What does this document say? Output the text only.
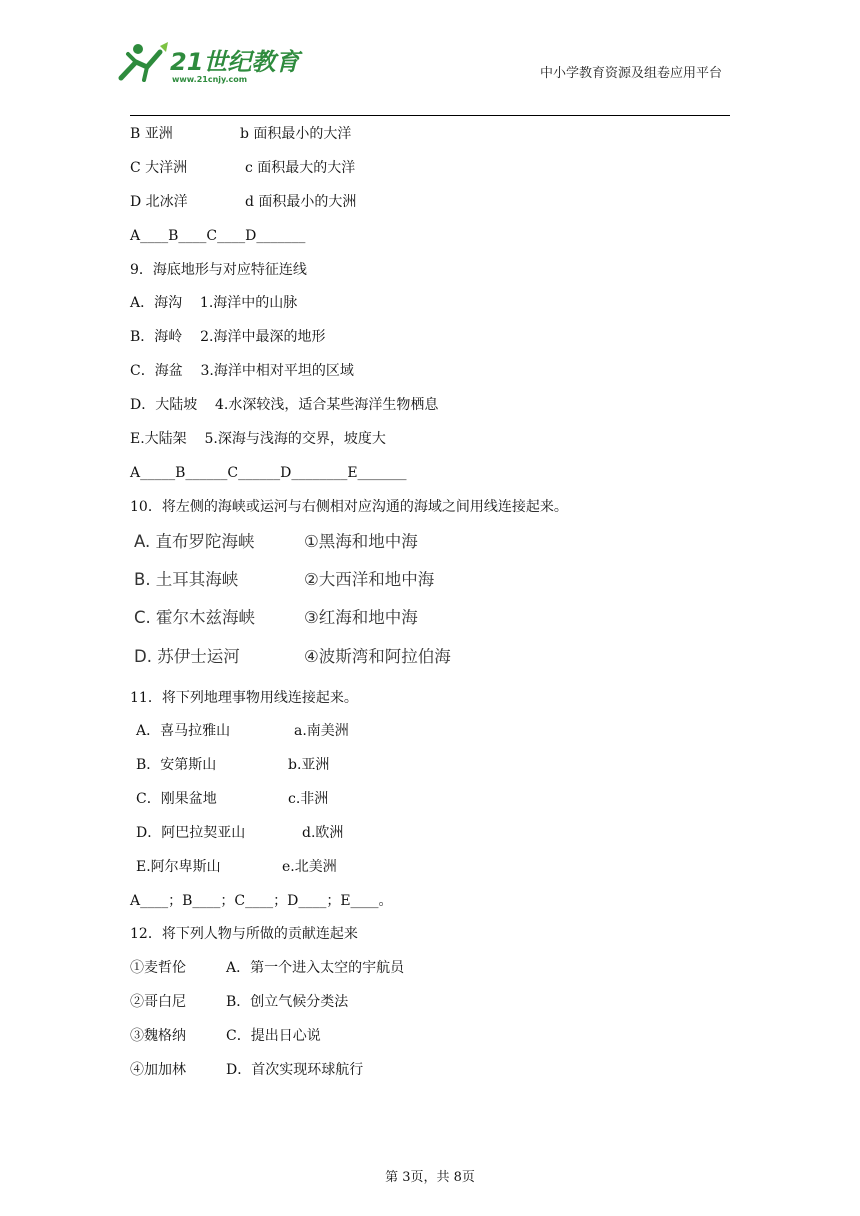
21世纪教育
www.21cnjy.com	中小学教育资源及组卷应用平台
B 亚洲	b 面积最小的大洋
C 大洋洲	c 面积最大的大洋
D 北冰洋	d 面积最小的大洲
A____B____C____D_______
9．海底地形与对应特征连线
A．海沟    1.海洋中的山脉
B．海岭    2.海洋中最深的地形
C．海盆    3.海洋中相对平坦的区域
D．大陆坡    4.水深较浅，适合某些海洋生物栖息
E.大陆架    5.深海与浅海的交界，坡度大
A_____B______C______D________E_______
10．将左侧的海峡或运河与右侧相对应沟通的海域之间用线连接起来。
A. 直布罗陀海峡	①黑海和地中海
B. 土耳其海峡	②大西洋和地中海
C. 霍尔木兹海峡	③红海和地中海
D. 苏伊士运河	④波斯湾和阿拉伯海
11．将下列地理事物用线连接起来。
A．喜马拉雅山	a.南美洲
B．安第斯山	b.亚洲
C．刚果盆地	c.非洲
D．阿巴拉契亚山	d.欧洲
E.阿尔卑斯山	e.北美洲
A____；B____；C____；D____；E____。
12．将下列人物与所做的贡献连起来
①麦哲伦	A．第一个进入太空的宇航员
②哥白尼	B．创立气候分类法
③魏格纳	C．提出日心说
④加加林	D．首次实现环球航行
第 3页，共 8页
